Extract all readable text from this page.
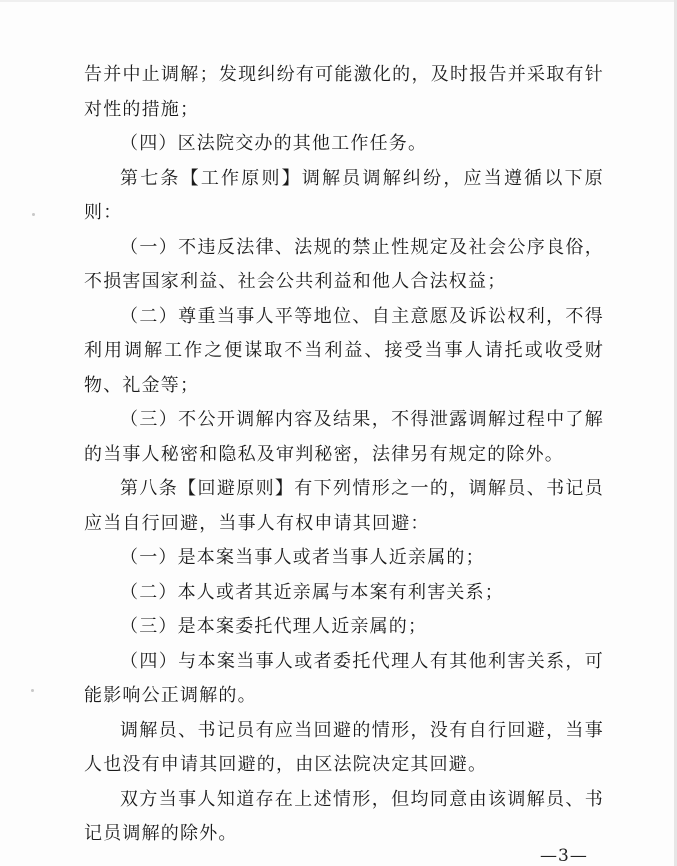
告并中止调解；发现纠纷有可能激化的，及时报告并采取有针对性的措施；

（四）区法院交办的其他工作任务。

第七条【工作原则】调解员调解纠纷，应当遵循以下原则：

（一）不违反法律、法规的禁止性规定及社会公序良俗，不损害国家利益、社会公共利益和他人合法权益；

（二）尊重当事人平等地位、自主意愿及诉讼权利，不得利用调解工作之便谋取不当利益、接受当事人请托或收受财物、礼金等；

（三）不公开调解内容及结果，不得泄露调解过程中了解的当事人秘密和隐私及审判秘密，法律另有规定的除外。

第八条【回避原则】有下列情形之一的，调解员、书记员应当自行回避，当事人有权申请其回避：

（一）是本案当事人或者当事人近亲属的；

（二）本人或者其近亲属与本案有利害关系；

（三）是本案委托代理人近亲属的；

（四）与本案当事人或者委托代理人有其他利害关系，可能影响公正调解的。

调解员、书记员有应当回避的情形，没有自行回避，当事人也没有申请其回避的，由区法院决定其回避。

双方当事人知道存在上述情形，但均同意由该调解员、书记员调解的除外。

—3—
